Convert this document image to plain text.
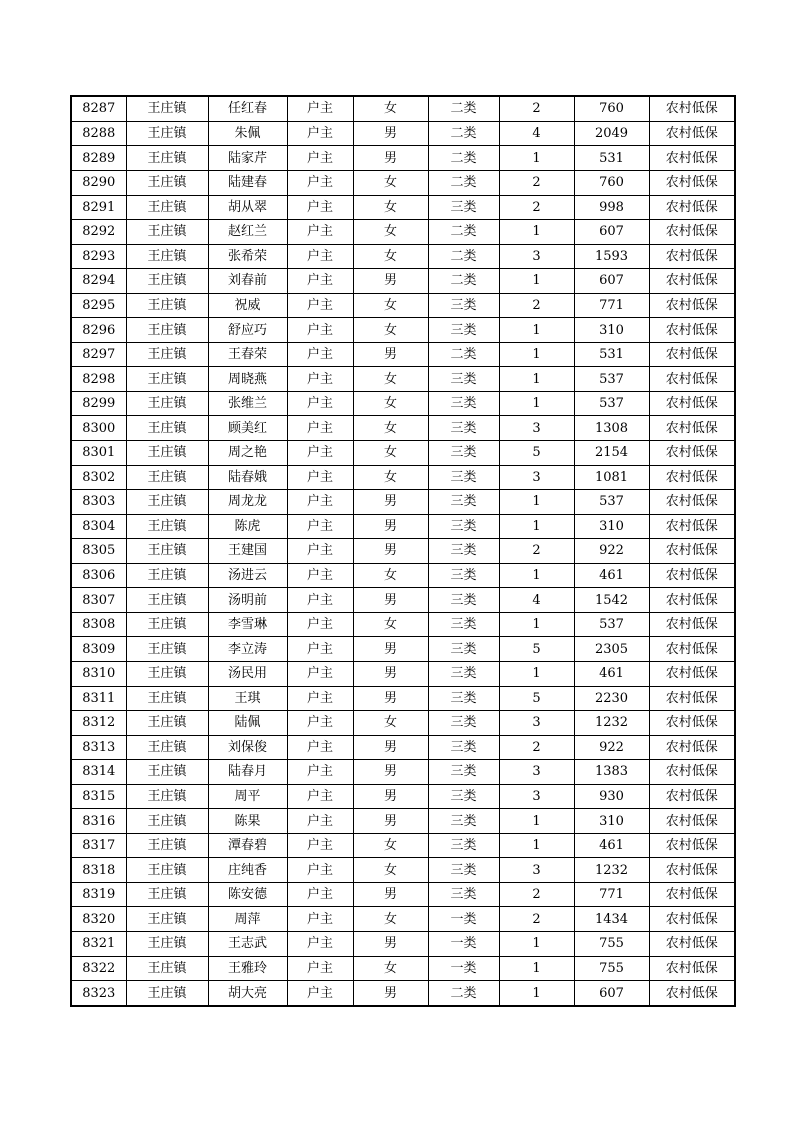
8287	王庄镇	任红春	户主	女	二类	2	760	农村低保
8288	王庄镇	朱佩	户主	男	二类	4	2049	农村低保
8289	王庄镇	陆家芹	户主	男	二类	1	531	农村低保
8290	王庄镇	陆建春	户主	女	二类	2	760	农村低保
8291	王庄镇	胡从翠	户主	女	三类	2	998	农村低保
8292	王庄镇	赵红兰	户主	女	二类	1	607	农村低保
8293	王庄镇	张希荣	户主	女	二类	3	1593	农村低保
8294	王庄镇	刘春前	户主	男	二类	1	607	农村低保
8295	王庄镇	祝威	户主	女	三类	2	771	农村低保
8296	王庄镇	舒应巧	户主	女	三类	1	310	农村低保
8297	王庄镇	王春荣	户主	男	二类	1	531	农村低保
8298	王庄镇	周晓燕	户主	女	三类	1	537	农村低保
8299	王庄镇	张维兰	户主	女	三类	1	537	农村低保
8300	王庄镇	顾美红	户主	女	三类	3	1308	农村低保
8301	王庄镇	周之艳	户主	女	三类	5	2154	农村低保
8302	王庄镇	陆春娥	户主	女	三类	3	1081	农村低保
8303	王庄镇	周龙龙	户主	男	三类	1	537	农村低保
8304	王庄镇	陈虎	户主	男	三类	1	310	农村低保
8305	王庄镇	王建国	户主	男	三类	2	922	农村低保
8306	王庄镇	汤进云	户主	女	三类	1	461	农村低保
8307	王庄镇	汤明前	户主	男	三类	4	1542	农村低保
8308	王庄镇	李雪琳	户主	女	三类	1	537	农村低保
8309	王庄镇	李立涛	户主	男	三类	5	2305	农村低保
8310	王庄镇	汤民用	户主	男	三类	1	461	农村低保
8311	王庄镇	王琪	户主	男	三类	5	2230	农村低保
8312	王庄镇	陆佩	户主	女	三类	3	1232	农村低保
8313	王庄镇	刘保俊	户主	男	三类	2	922	农村低保
8314	王庄镇	陆春月	户主	男	三类	3	1383	农村低保
8315	王庄镇	周平	户主	男	三类	3	930	农村低保
8316	王庄镇	陈果	户主	男	三类	1	310	农村低保
8317	王庄镇	潭春碧	户主	女	三类	1	461	农村低保
8318	王庄镇	庄纯香	户主	女	三类	3	1232	农村低保
8319	王庄镇	陈安德	户主	男	三类	2	771	农村低保
8320	王庄镇	周萍	户主	女	一类	2	1434	农村低保
8321	王庄镇	王志武	户主	男	一类	1	755	农村低保
8322	王庄镇	王雅玲	户主	女	一类	1	755	农村低保
8323	王庄镇	胡大亮	户主	男	二类	1	607	农村低保
